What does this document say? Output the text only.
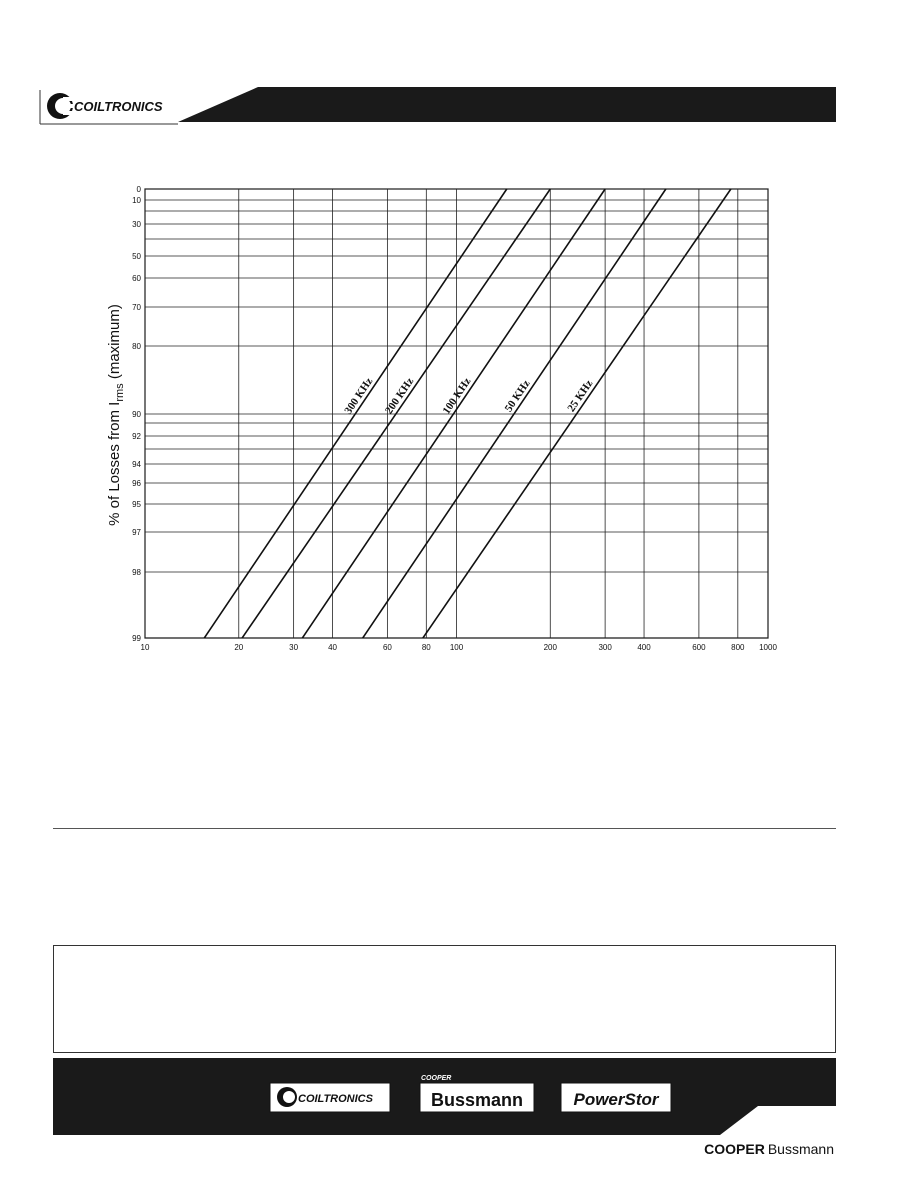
COILTRONICS
10	20	30	40	60	80 100	200	300	400	600	800 1000
0
10
30
50
60
70
80
90
92
94
96
95
97
98
99
300 KHz 200 KHz 100 KHz	50 KHz	25 KHz
% of Losses from $I_{rms}$ (maximum)
COILTRONICS
COOPER
Bussmann	PowerStor
COOPER Bussmann
